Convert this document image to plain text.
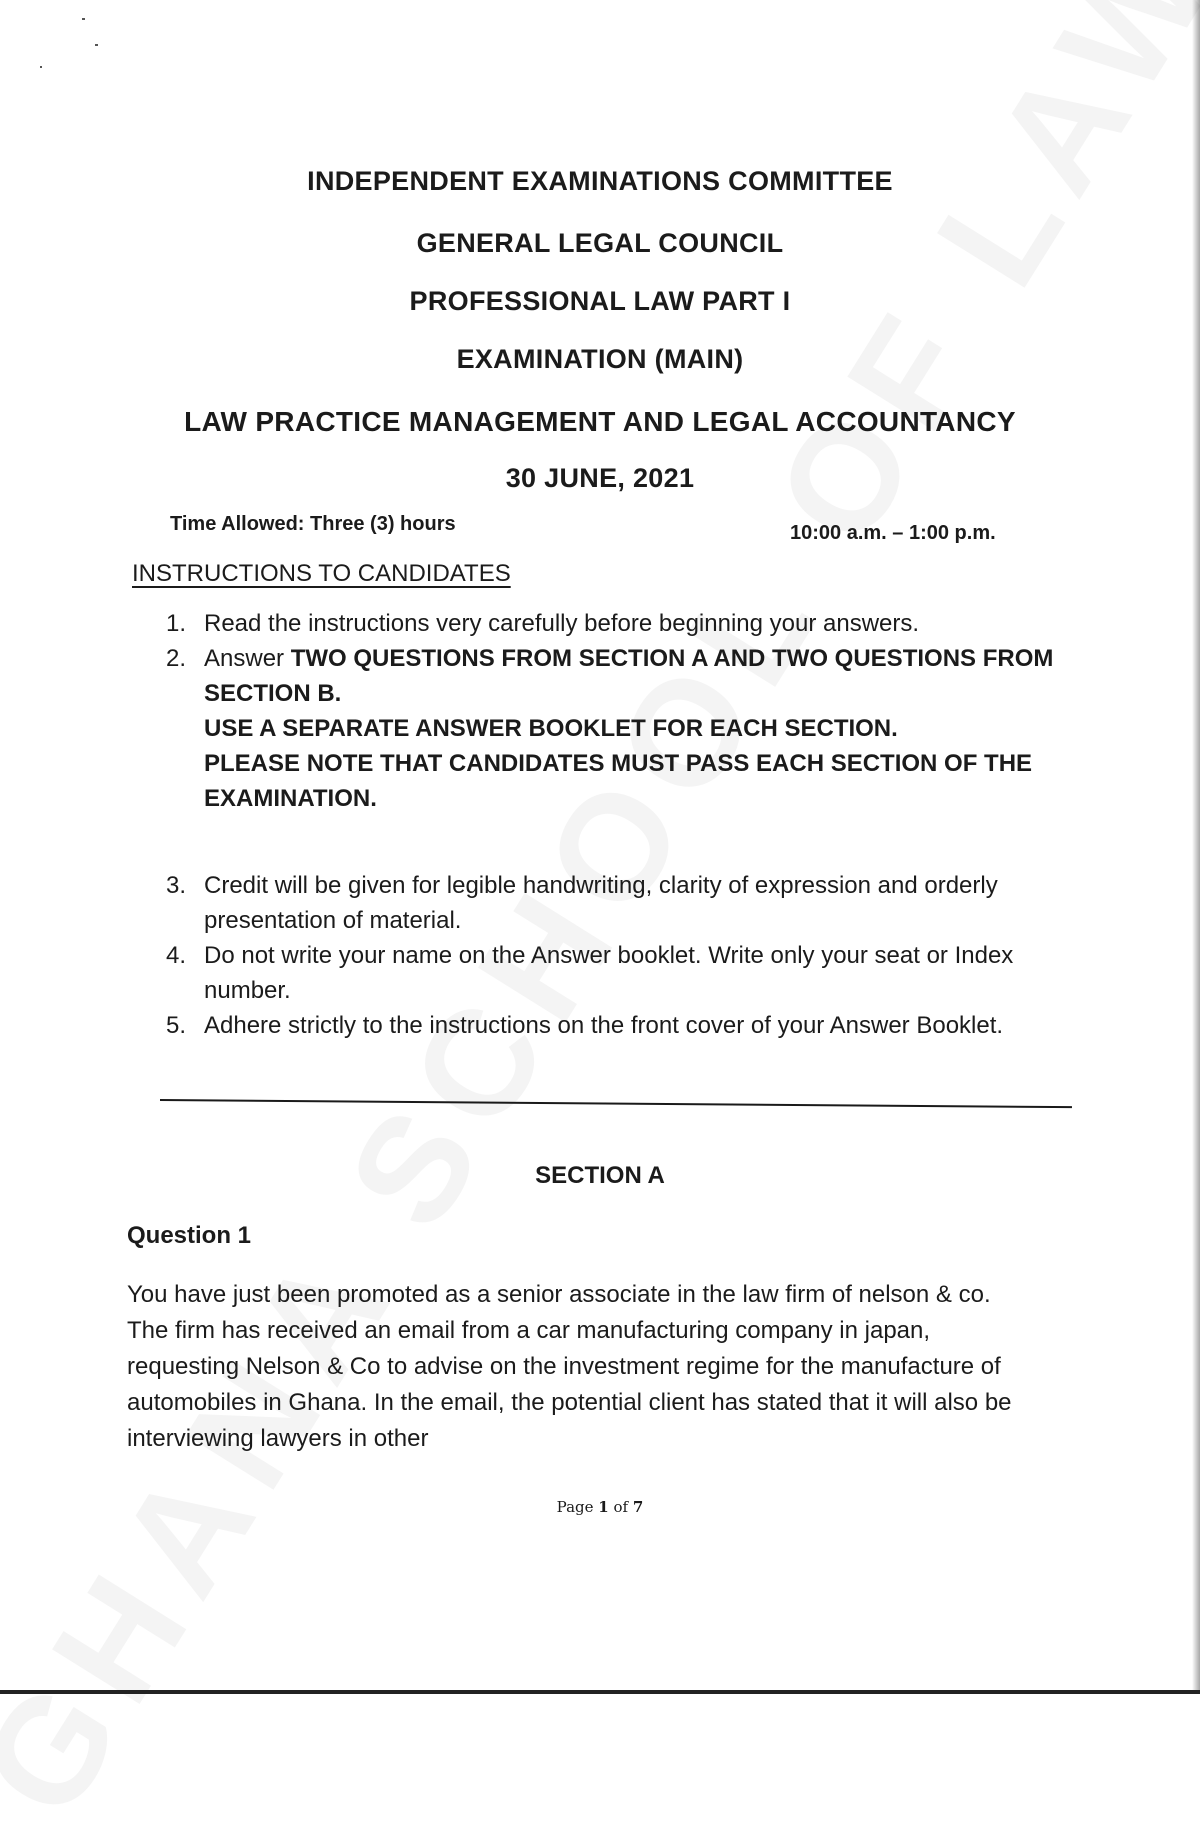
INDEPENDENT EXAMINATIONS COMMITTEE
GENERAL LEGAL COUNCIL
PROFESSIONAL LAW PART I
EXAMINATION (MAIN)
LAW PRACTICE MANAGEMENT AND LEGAL ACCOUNTANCY
30 JUNE, 2021
Time Allowed: Three (3) hours	10:00 a.m. – 1:00 p.m.
INSTRUCTIONS TO CANDIDATES
1. Read the instructions very carefully before beginning your answers.
2. Answer TWO QUESTIONS FROM SECTION A AND TWO QUESTIONS FROM SECTION B.
USE A SEPARATE ANSWER BOOKLET FOR EACH SECTION.
PLEASE NOTE THAT CANDIDATES MUST PASS EACH SECTION OF THE EXAMINATION.
3. Credit will be given for legible handwriting, clarity of expression and orderly presentation of material.
4. Do not write your name on the Answer booklet. Write only your seat or Index number.
5. Adhere strictly to the instructions on the front cover of your Answer Booklet.
SECTION A
Question 1
You have just been promoted as a senior associate in the law firm of nelson & co. The firm has received an email from a car manufacturing company in japan, requesting Nelson & Co to advise on the investment regime for the manufacture of automobiles in Ghana. In the email, the potential client has stated that it will also be interviewing lawyers in other
Page 1 of 7
